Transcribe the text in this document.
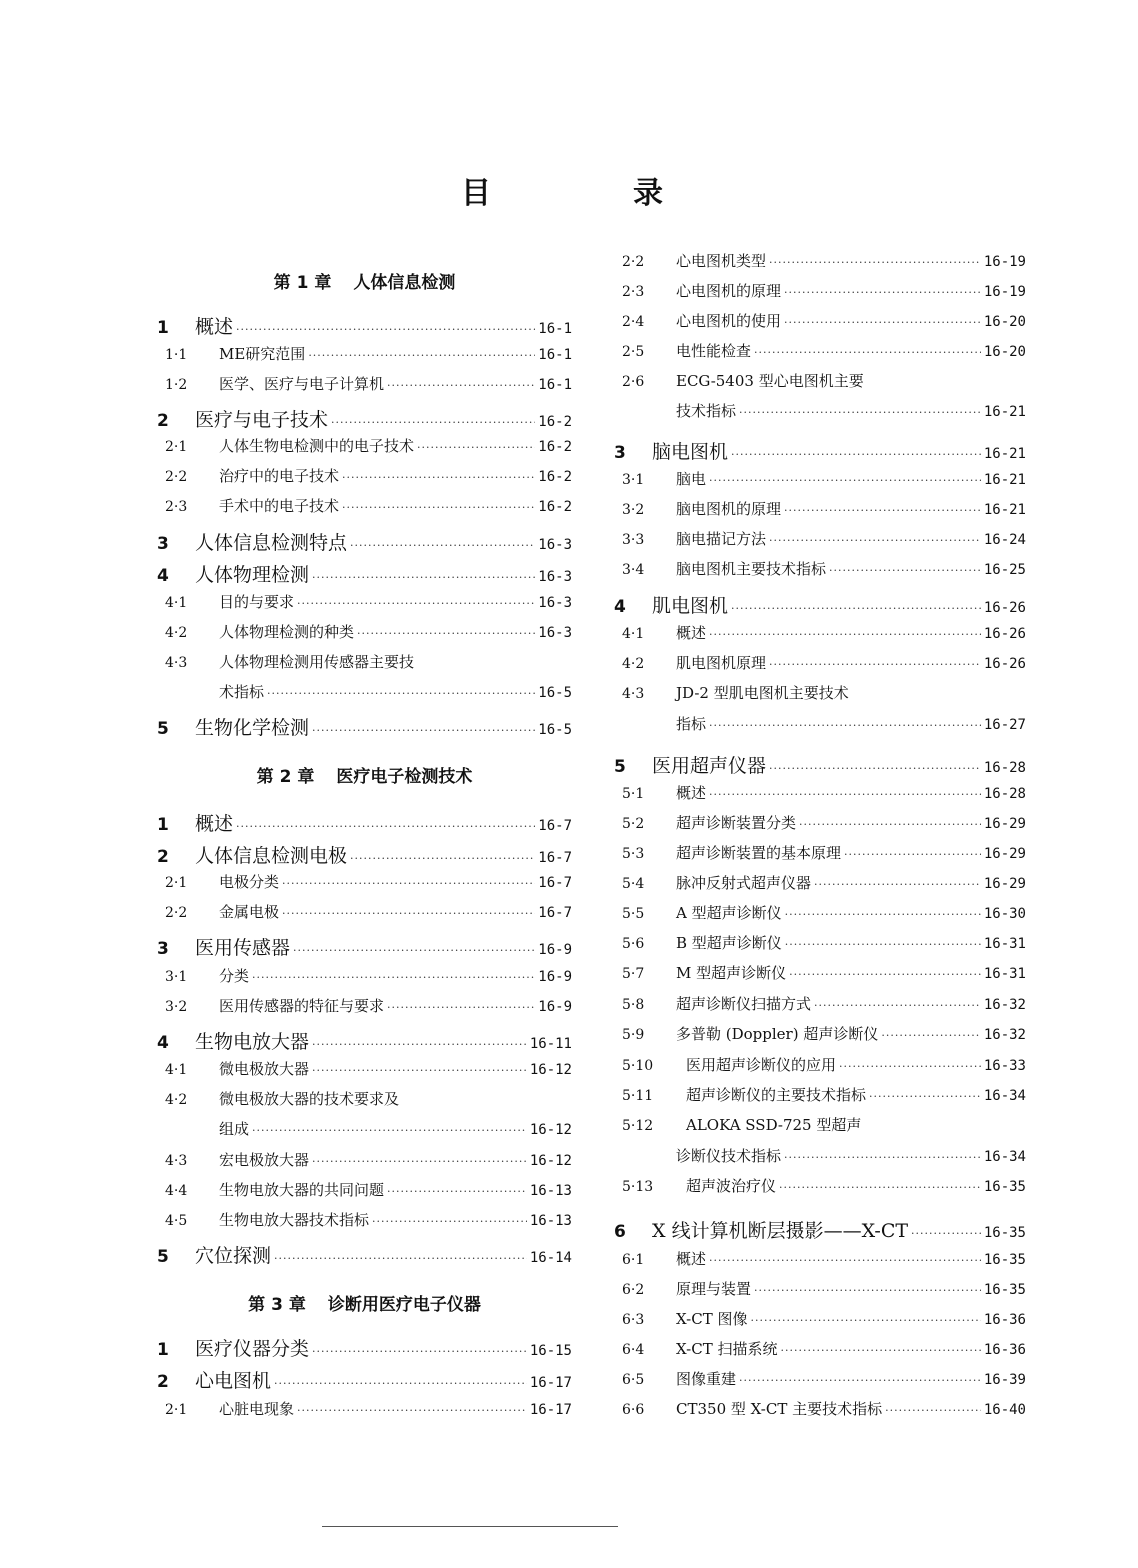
目　录
第 1 章 人体信息检测
1	概述 ·····	16-1
1·1	ME研究范围 ·····	16-1
1·2	医学、医疗与电子计算机 ·····	16-1
2	医疗与电子技术 ·····	16-2
2·1	人体生物电检测中的电子技术 ·····	16-2
2·2	治疗中的电子技术 ·····	16-2
2·3	手术中的电子技术 ·····	16-2
3	人体信息检测特点 ·····	16-3
4	人体物理检测 ·····	16-3
4·1	目的与要求 ·····	16-3
4·2	人体物理检测的种类 ·····	16-3
4·3	人体物理检测用传感器主要技
术指标 ·····	16-5
5	生物化学检测 ·····	16-5
第 2 章 医疗电子检测技术
1	概述 ·····	16-7
2	人体信息检测电极 ·····	16-7
2·1	电极分类 ·····	16-7
2·2	金属电极 ·····	16-7
3	医用传感器 ·····	16-9
3·1	分类 ·····	16-9
3·2	医用传感器的特征与要求 ·····	16-9
4	生物电放大器 ·····	16-11
4·1	微电极放大器 ·····	16-12
4·2	微电极放大器的技术要求及
组成 ·····	16-12
4·3	宏电极放大器 ·····	16-12
4·4	生物电放大器的共同问题 ·····	16-13
4·5	生物电放大器技术指标 ·····	16-13
5	穴位探测 ·····	16-14
第 3 章 诊断用医疗电子仪器
1	医疗仪器分类 ·····	16-15
2	心电图机 ·····	16-17
2·1	心脏电现象 ·····	16-17
2·2	心电图机类型 ·····	16-19
2·3	心电图机的原理 ·····	16-19
2·4	心电图机的使用 ·····	16-20
2·5	电性能检查 ·····	16-20
2·6	ECG-5403 型心电图机主要
技术指标 ·····	16-21
3	脑电图机 ·····	16-21
3·1	脑电 ·····	16-21
3·2	脑电图机的原理 ·····	16-21
3·3	脑电描记方法 ·····	16-24
3·4	脑电图机主要技术指标 ·····	16-25
4	肌电图机 ·····	16-26
4·1	概述 ·····	16-26
4·2	肌电图机原理 ·····	16-26
4·3	JD-2 型肌电图机主要技术
指标 ·····	16-27
5	医用超声仪器 ·····	16-28
5·1	概述 ·····	16-28
5·2	超声诊断装置分类 ·····	16-29
5·3	超声诊断装置的基本原理 ·····	16-29
5·4	脉冲反射式超声仪器 ·····	16-29
5·5	A 型超声诊断仪 ·····	16-30
5·6	B 型超声诊断仪 ·····	16-31
5·7	M 型超声诊断仪 ·····	16-31
5·8	超声诊断仪扫描方式 ·····	16-32
5·9	多普勒 (Doppler) 超声诊断仪 ·····	16-32
5·10	医用超声诊断仪的应用 ·····	16-33
5·11	超声诊断仪的主要技术指标 ·····	16-34
5·12	ALOKA SSD-725 型超声
诊断仪技术指标 ·····	16-34
5·13	超声波治疗仪 ·····	16-35
6	X 线计算机断层摄影——X-CT ·····	16-35
6·1	概述 ·····	16-35
6·2	原理与装置 ·····	16-35
6·3	X-CT 图像 ·····	16-36
6·4	X-CT 扫描系统 ·····	16-36
6·5	图像重建 ·····	16-39
6·6	CT350 型 X-CT 主要技术指标 ·····	16-40
